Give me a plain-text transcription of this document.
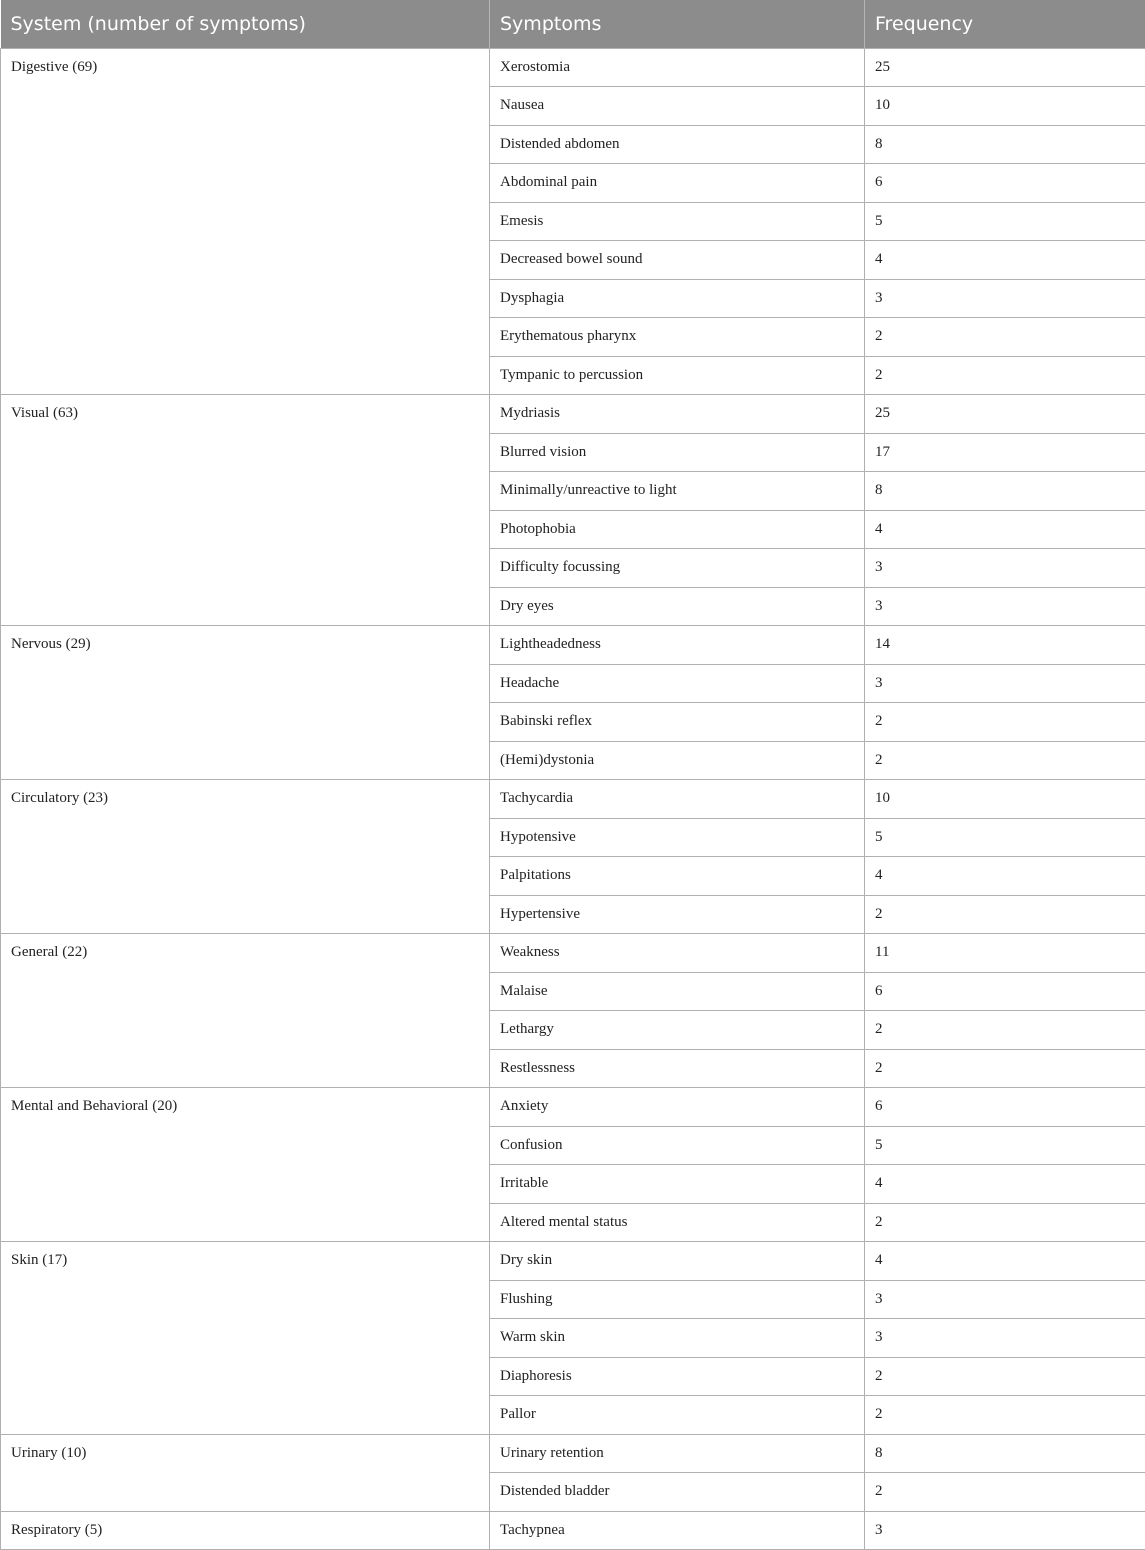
System (number of symptoms)	Symptoms	Frequency
Digestive (69)	Xerostomia	25
	Nausea	10
	Distended abdomen	8
	Abdominal pain	6
	Emesis	5
	Decreased bowel sound	4
	Dysphagia	3
	Erythematous pharynx	2
	Tympanic to percussion	2
Visual (63)	Mydriasis	25
	Blurred vision	17
	Minimally/unreactive to light	8
	Photophobia	4
	Difficulty focussing	3
	Dry eyes	3
Nervous (29)	Lightheadedness	14
	Headache	3
	Babinski reflex	2
	(Hemi)dystonia	2
Circulatory (23)	Tachycardia	10
	Hypotensive	5
	Palpitations	4
	Hypertensive	2
General (22)	Weakness	11
	Malaise	6
	Lethargy	2
	Restlessness	2
Mental and Behavioral (20)	Anxiety	6
	Confusion	5
	Irritable	4
	Altered mental status	2
Skin (17)	Dry skin	4
	Flushing	3
	Warm skin	3
	Diaphoresis	2
	Pallor	2
Urinary (10)	Urinary retention	8
	Distended bladder	2
Respiratory (5)	Tachypnea	3
